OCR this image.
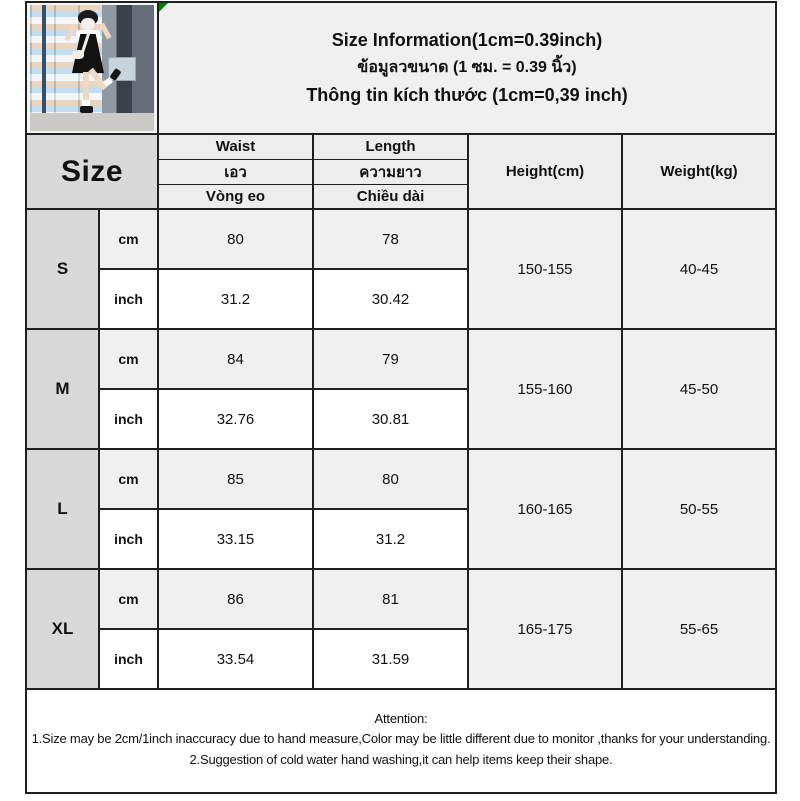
		Size Information(1cm=0.39inch)
ข้อมูลวขนาด (1 ซม. = 0.39 นิ้ว)
Thông tin kích thước (1cm=0,39 inch)			

Size		Waist	Length	Height(cm)	Weight(kg)
		เอว	ความยาว		
		Vòng eo	Chiều dài		
S	cm	80	78	150-155	40-45
	inch	31.2	30.42		
M	cm	84	79	155-160	45-50
	inch	32.76	30.81		
L	cm	85	80	160-165	50-55
	inch	33.15	31.2		
XL	cm	86	81	165-175	55-65
	inch	33.54	31.59		

Attention:
1.Size may be 2cm/1inch inaccuracy due to hand measure,Color may be little different due to monitor ,thanks for your understanding.
2.Suggestion of cold water hand washing,it can help items keep their shape.					
